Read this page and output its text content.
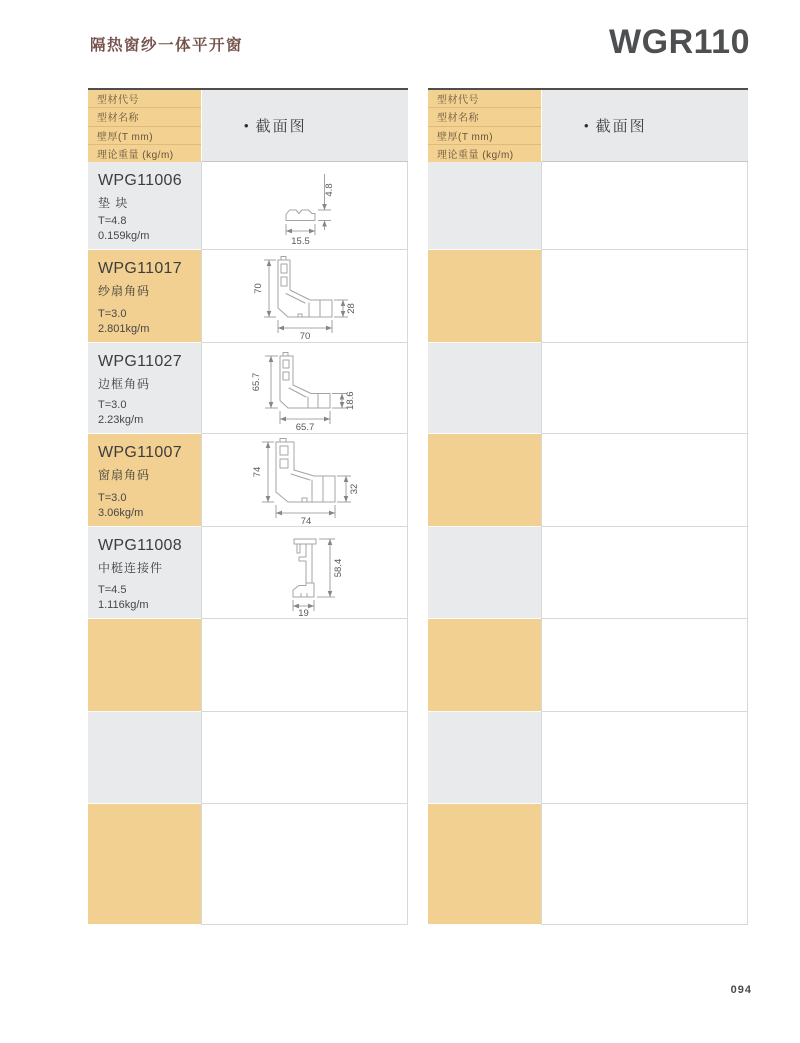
隔热窗纱一体平开窗	WGR110
型材代号
型材名称
壁厚(T mm)
理论重量 (kg/m)
• 截面图
WPG11006
垫 块
T=4.8
0.159kg/m
4.8
15.5
WPG11017
纱扇角码
T=3.0
2.801kg/m
70
28
70
WPG11027
边框角码
T=3.0
2.23kg/m
65.7
18.6
65.7
WPG11007
窗扇角码
T=3.0
3.06kg/m
74
32
74
WPG11008
中梃连接件
T=4.5
1.116kg/m
58.4
19
型材代号
型材名称
壁厚(T mm)
理论重量 (kg/m)
• 截面图
094
